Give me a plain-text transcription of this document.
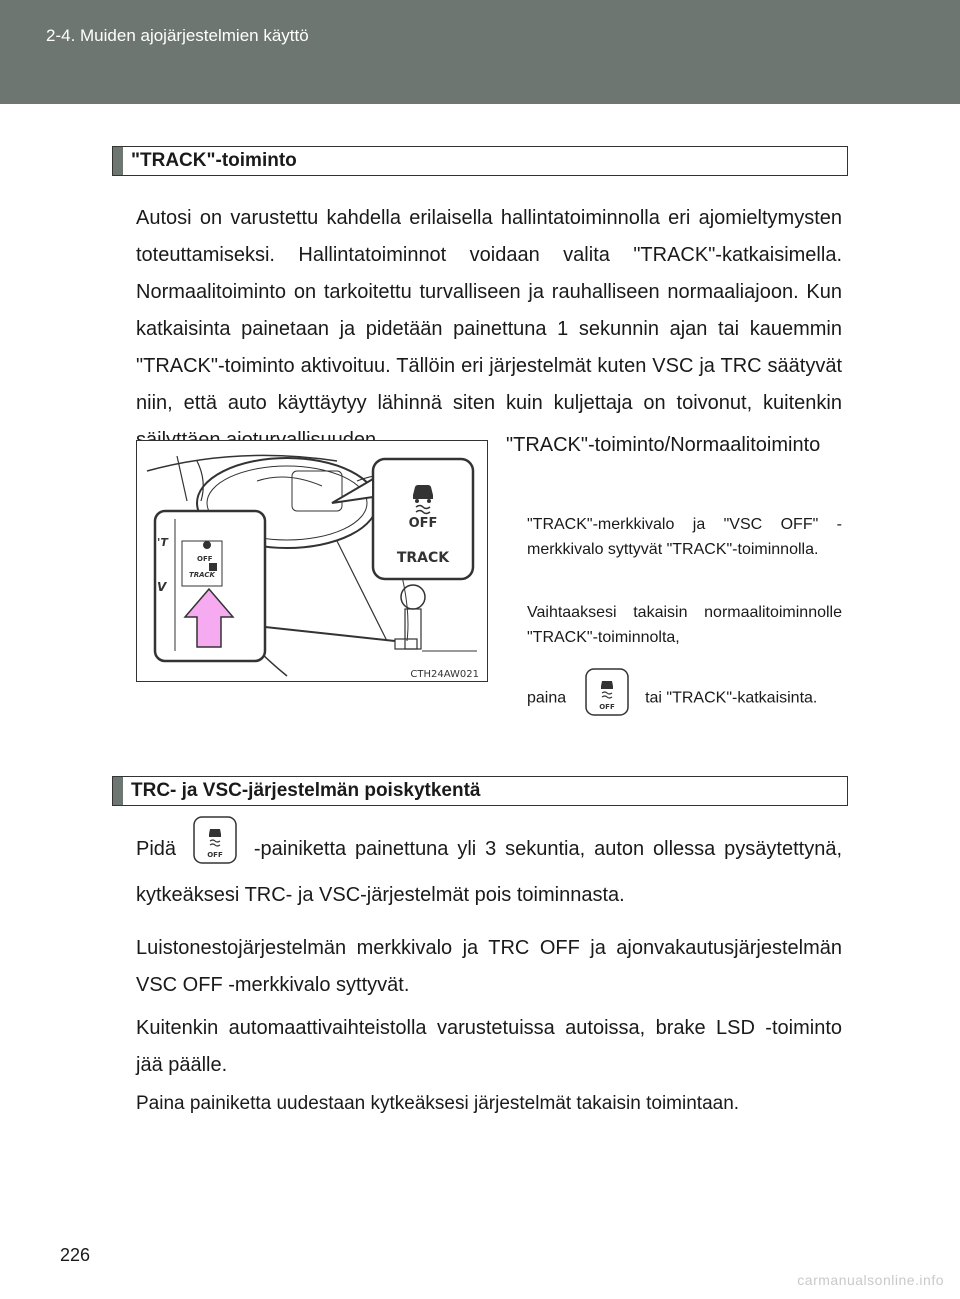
2-4. Muiden ajojärjestelmien käyttö
"TRACK"-toiminto
Autosi on varustettu kahdella erilaisella hallintatoiminnolla eri ajomieltymysten toteuttamiseksi. Hallintatoiminnot voidaan valita "TRACK"-katkaisimella. Normaalitoiminto on tarkoitettu turvalliseen ja rauhalliseen normaaliajoon. Kun katkaisinta painetaan ja pidetään painettuna 1 sekunnin ajan tai kauemmin "TRACK"-toiminto aktivoituu. Tällöin eri järjestelmät kuten VSC ja TRC säätyvät niin, että auto käyttäytyy lähinnä siten kuin kuljettaja on toivonut, kuitenkin
'T
V
OFF
TRACK
OFF
TRACK
CTH24AW021
"TRACK"-toiminto/Normaalitoiminto
"TRACK"-merkkivalo ja "VSC OFF" -merkkivalo syttyvät "TRACK"-toiminnolla.
Vaihtaaksesi takaisin normaalitoiminnolle "TRACK"-toiminnolta,
paina
OFF
tai "TRACK"-katkaisinta.
TRC- ja VSC-järjestelmän poiskytkentä
Pidä	OFF -painiketta painettuna yli 3 sekuntia, auton ollessa pysäytettynä, kytkeäksesi TRC- ja VSC-järjestelmät pois toiminnasta.
Luistonestojärjestelmän merkkivalo ja TRC OFF ja ajonvakautusjärjestelmän VSC OFF -merkkivalo syttyvät.
Kuitenkin automaattivaihteistolla varustetuissa autoissa, brake LSD -toiminto jää päälle.
Paina painiketta uudestaan kytkeäksesi järjestelmät takaisin toimintaan.
226
carmanualsonline.info
